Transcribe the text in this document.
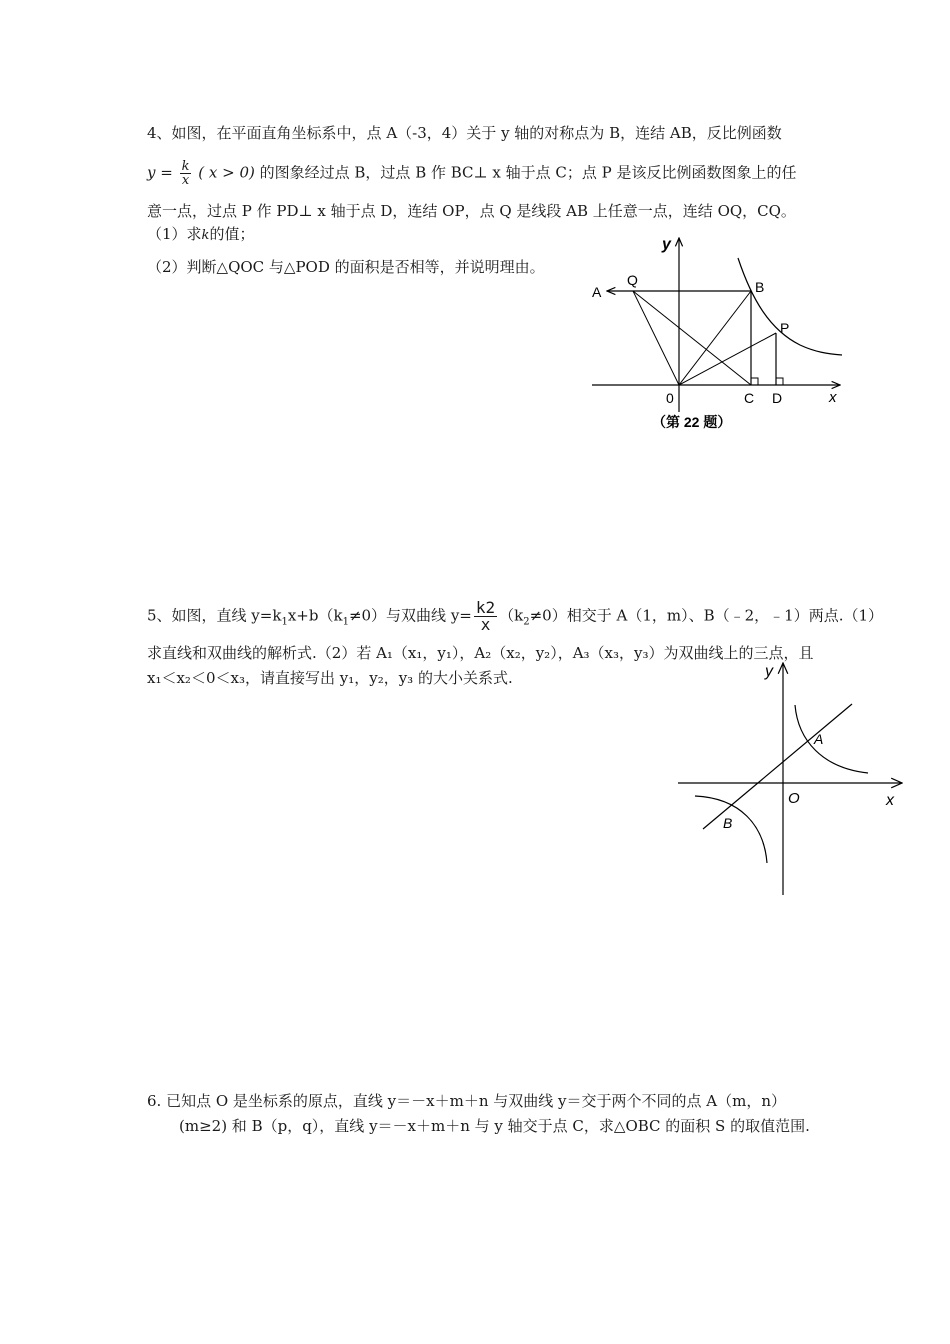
4、如图，在平面直角坐标系中，点 A（-3，4）关于 y 轴的对称点为 B，连结 AB，反比例函数
$y = \frac{k}{x}$ ( x > 0) 的图象经过点 B，过点 B 作 BC⊥ x 轴于点 C；点 P 是该反比例函数图象上的任
意一点，过点 P 作 PD⊥ x 轴于点 D，连结 OP，点 Q 是线段 AB 上任意一点，连结 OQ，CQ。
（1）求k的值；
（2）判断△QOC 与△POD 的面积是否相等，并说明理由。
y
x
A
Q	B
P
0	C D
（第 22 题）
5、如图，直线 $y=k_1x+b(k_1\ne 0)$与双曲线 $y= \frac{k2}{x} (k_2\ne 0)$相交于 A（1，m）、B（﹣2，﹣1）两点.（1）
求直线和双曲线的解析式.（2）若 A₁（x₁，y₁），A₂（x₂，y₂），A₃（x₃，y₃）为双曲线上的三点，且
x₁＜x₂＜0＜x₃，请直接写出 y₁，y₂，y₃ 的大小关系式.	y
x
O
A
B
6. 已知点 O 是坐标系的原点，直线 y＝－x＋m＋n 与双曲线 y＝交于两个不同的点 A（m，n）
(m≥2) 和 B（p，q），直线 y＝－x＋m＋n 与 y 轴交于点 C，求△OBC 的面积 S 的取值范围.
